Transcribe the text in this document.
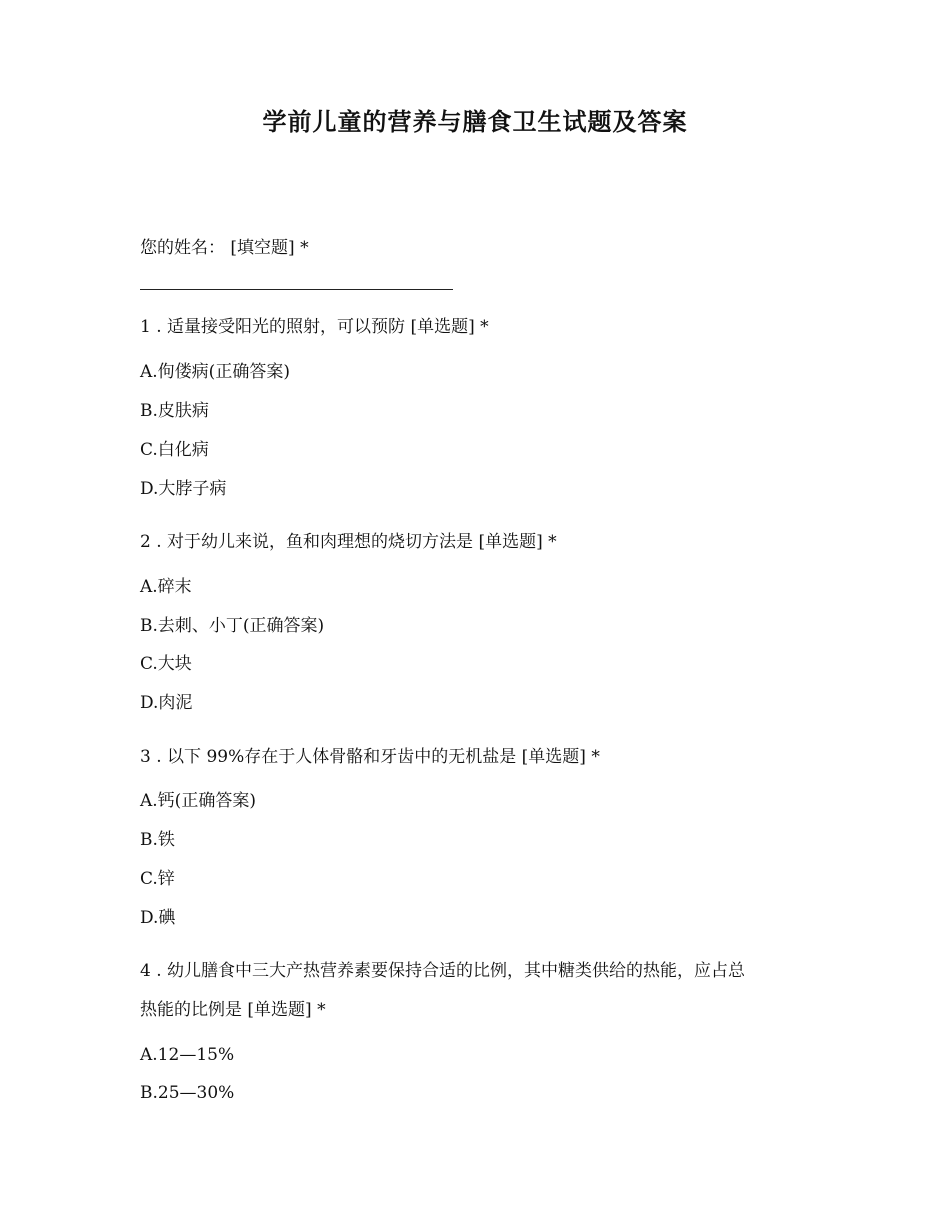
学前儿童的营养与膳食卫生试题及答案
您的姓名： [填空题] *
1 . 适量接受阳光的照射，可以预防 [单选题] *
A.佝偻病(正确答案)
B.皮肤病
C.白化病
D.大脖子病
2 . 对于幼儿来说，鱼和肉理想的烧切方法是 [单选题] *
A.碎末
B.去刺、小丁(正确答案)
C.大块
D.肉泥
3 . 以下 99%存在于人体骨骼和牙齿中的无机盐是 [单选题] *
A.钙(正确答案)
B.铁
C.锌
D.碘
4 . 幼儿膳食中三大产热营养素要保持合适的比例，其中糖类供给的热能，应占总
热能的比例是 [单选题] *
A.12—15%
B.25—30%
